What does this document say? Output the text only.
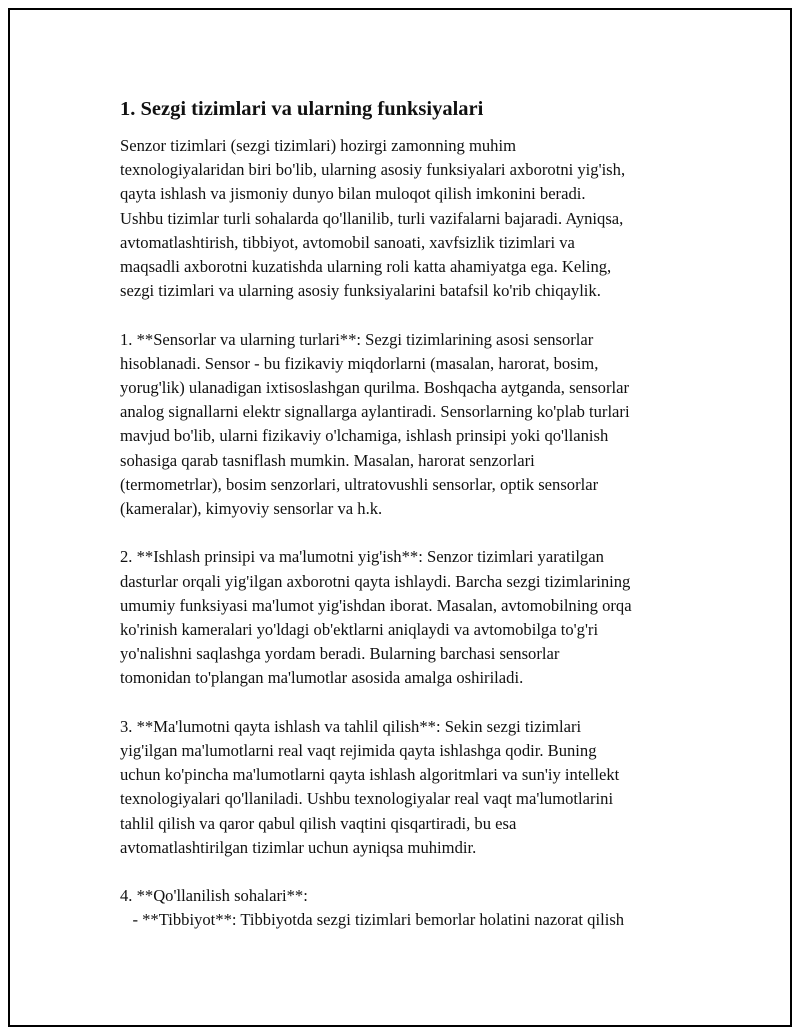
1. Sezgi tizimlari va ularning funksiyalari
Senzor tizimlari (sezgi tizimlari) hozirgi zamonning muhim
texnologiyalaridan biri bo'lib, ularning asosiy funksiyalari axborotni yig'ish,
qayta ishlash va jismoniy dunyo bilan muloqot qilish imkonini beradi.
Ushbu tizimlar turli sohalarda qo'llanilib, turli vazifalarni bajaradi. Ayniqsa,
avtomatlashtirish, tibbiyot, avtomobil sanoati, xavfsizlik tizimlari va
maqsadli axborotni kuzatishda ularning roli katta ahamiyatga ega. Keling,
sezgi tizimlari va ularning asosiy funksiyalarini batafsil ko'rib chiqaylik.
1. **Sensorlar va ularning turlari**: Sezgi tizimlarining asosi sensorlar
hisoblanadi. Sensor - bu fizikaviy miqdorlarni (masalan, harorat, bosim,
yorug'lik) ulanadigan ixtisoslashgan qurilma. Boshqacha aytganda, sensorlar
analog signallarni elektr signallarga aylantiradi. Sensorlarning ko'plab turlari
mavjud bo'lib, ularni fizikaviy o'lchamiga, ishlash prinsipi yoki qo'llanish
sohasiga qarab tasniflash mumkin. Masalan, harorat senzorlari
(termometrlar), bosim senzorlari, ultratovushli sensorlar, optik sensorlar
(kameralar), kimyoviy sensorlar va h.k.
2. **Ishlash prinsipi va ma'lumotni yig'ish**: Senzor tizimlari yaratilgan
dasturlar orqali yig'ilgan axborotni qayta ishlaydi. Barcha sezgi tizimlarining
umumiy funksiyasi ma'lumot yig'ishdan iborat. Masalan, avtomobilning orqa
ko'rinish kameralari yo'ldagi ob'ektlarni aniqlaydi va avtomobilga to'g'ri
yo'nalishni saqlashga yordam beradi. Bularning barchasi sensorlar
tomonidan to'plangan ma'lumotlar asosida amalga oshiriladi.
3. **Ma'lumotni qayta ishlash va tahlil qilish**: Sekin sezgi tizimlari
yig'ilgan ma'lumotlarni real vaqt rejimida qayta ishlashga qodir. Buning
uchun ko'pincha ma'lumotlarni qayta ishlash algoritmlari va sun'iy intellekt
texnologiyalari qo'llaniladi. Ushbu texnologiyalar real vaqt ma'lumotlarini
tahlil qilish va qaror qabul qilish vaqtini qisqartiradi, bu esa
avtomatlashtirilgan tizimlar uchun ayniqsa muhimdir.
4. **Qo'llanilish sohalari**:
- **Tibbiyot**: Tibbiyotda sezgi tizimlari bemorlar holatini nazorat qilish
